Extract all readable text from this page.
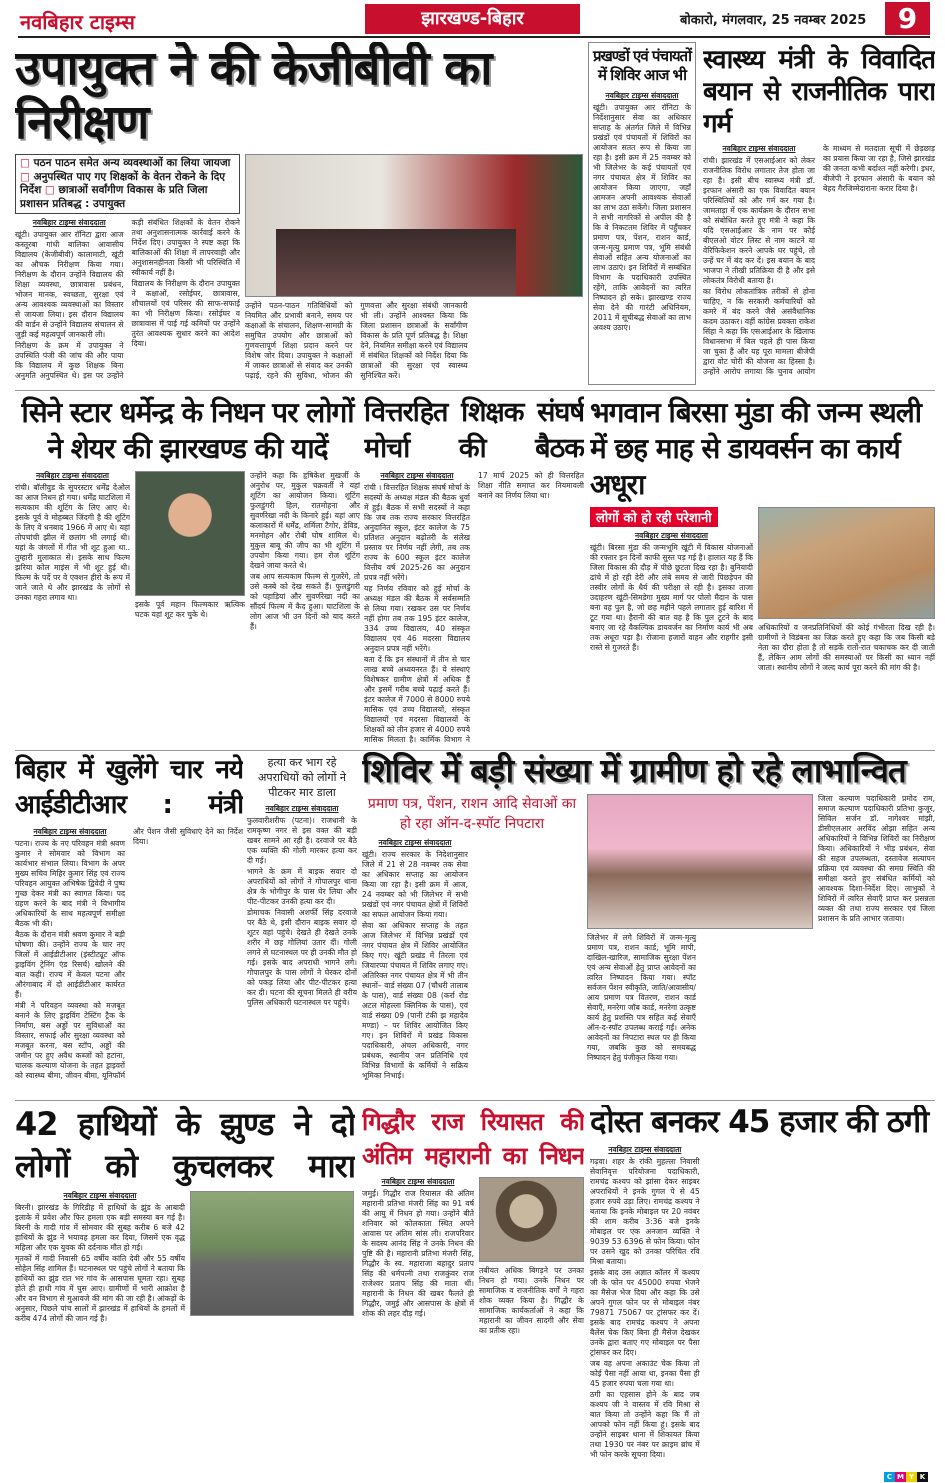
नवबिहार टाइम्स	झारखण्ड-बिहार	बोकारो, मंगलवार, 25 नवम्बर 2025	9
उपायुक्त ने की केजीबीवी का निरीक्षण
□ पठन पाठन समेत अन्य व्यवस्थाओं का लिया जायजा □ अनुपस्थित पाए गए शिक्षकों के वेतन रोकने के दिए निर्देश □ छात्राओं सर्वांगीण विकास के प्रति जिला प्रशासन प्रतिबद्ध : उपायुक्त
नवबिहार टाइम्स संवाददाता

खूंटी। उपायुक्त आर रॉनिटा द्वारा आज कस्तूरबा गांधी बालिका आवासीय विद्यालय (केजीबीवी) कालामाटी, खूंटी का औचक निरीक्षण किया गया। निरीक्षण के दौरान उन्होंने विद्यालय की शिक्षा व्यवस्था, छात्रावास प्रबंधन, भोजन मानक, स्वच्छता, सुरक्षा एवं अन्य आवश्यक व्यवस्थाओं का विस्तार से जायजा लिया। इस दौरान विद्यालय की वार्डन से उन्होंने विद्यालय संचालन से जुड़ी कई महत्वपूर्ण जानकारी ली।

निरीक्षण के क्रम में उपायुक्त ने उपस्थिति पंजी की जांच की और पाया कि विद्यालय में कुछ शिक्षक बिना अनुमति अनुपस्थित थे। इस पर उन्होंने कड़ी संबंधित शिक्षकों के वेतन रोकने तथा अनुशासनात्मक कार्रवाई करने के निर्देश दिए। उपायुक्त ने स्पष्ट कहा कि बालिकाओं की शिक्षा में लापरवाही और अनुशासनहीनता किसी भी परिस्थिति में स्वीकार्य नहीं है।

विद्यालय के निरीक्षण के दौरान उपायुक्त ने कक्षाओं, रसोईघर, छात्रावास, शौचालयों एवं परिसर की साफ-सफाई का भी निरीक्षण किया। रसोईघर व छात्रावास में पाई गई कमियों पर उन्होंने तुरंत आवश्यक सुधार करने का आदेश दिया।

उन्होंने पठन-पाठन गतिविधियों को नियमित और प्रभावी बनाने, समय पर कक्षाओं के संचालन, शिक्षण-सामग्री के समुचित उपयोग और छात्राओं को गुणवत्तापूर्ण शिक्षा प्रदान करने पर विशेष जोर दिया। उपायुक्त ने कक्षाओं में जाकर छात्राओं से संवाद कर उनकी पढ़ाई, रहने की सुविधा, भोजन की गुणवत्ता और सुरक्षा संबंधी जानकारी भी ली। उन्होंने आश्वस्त किया कि जिला प्रशासन छात्राओं के सर्वांगीण विकास के प्रति पूर्ण प्रतिबद्ध है। शिक्षा देने, नियमित समीक्षा करने एवं विद्यालय में संबंधित शिक्षकों को निर्देश दिया कि छात्राओं की सुरक्षा एवं स्वास्थ्य सुनिश्चित करें।

प्रखण्डों एवं पंचायतों में शिविर आज भी
नवबिहार टाइम्स संवाददाता

खूंटी। उपायुक्त आर रॉनिटा के निर्देशानुसार सेवा का अधिकार सप्ताह के अंतर्गत जिले में विभिन्न प्रखंडों एवं पंचायतों में शिविरों का आयोजन सतत रूप से किया जा रहा है। इसी क्रम में 25 नवम्बर को भी जिलेभर के कई पंचायतों एवं नगर पंचायत क्षेत्र में शिविर का आयोजन किया जाएगा, जहाँ आमजन अपनी आवश्यक सेवाओं का लाभ उठा सकेंगे। जिला प्रशासन ने सभी नागरिकों से अपील की है कि वे निकटतम शिविर में पहुँचकर प्रमाण पत्र, पेंशन, राशन कार्ड, जन्म-मृत्यु प्रमाण पत्र, भूमि संबंधी सेवाओं सहित अन्य योजनाओं का लाभ उठाएं। इन शिविरों में सम्बंधित विभाग के पदाधिकारी उपस्थित रहेंगे, ताकि आवेदनों का त्वरित निष्पादन हो सके। झारखण्ड राज्य सेवा देने की गारंटी अधिनियम, 2011 में सूचीबद्ध सेवाओं का लाभ अवश्य उठाएं।

स्वास्थ्य मंत्री के विवादित बयान से राजनीतिक पारा गर्म
नवबिहार टाइम्स संवाददाता

रांची। झारखंड में एसआईआर को लेकर राजनीतिक विरोध लगातार तेज होता जा रहा है। इसी बीच स्वास्थ्य मंत्री डॉ. इरफान अंसारी का एक विवादित बयान परिस्थितियों को और गर्म कर गया है। जामताड़ा में एक कार्यक्रम के दौरान सभा को संबोधित करते हुए मंत्री ने कहा कि यदि एसआईआर के नाम पर कोई बीएलओ वोटर लिस्ट से नाम काटने या वेरिफिकेशन करने आपके घर पहुंचे, तो उन्हें घर में बंद कर दें। इस बयान के बाद भाजपा ने तीखी प्रतिक्रिया दी है और इसे लोकतंत्र विरोधी बताया है।

का विरोध लोकतांत्रिक तरीकों से होना चाहिए, न कि सरकारी कर्मचारियों को कमरे में बंद करने जैसे असंवैधानिक कदम उठाकर। वहीं कांग्रेस प्रवक्ता राकेश सिंहा ने कहा कि एसआईआर के खिलाफ विधानसभा में बिल पहले ही पास किया जा चुका है और यह पूरा मामला बीजेपी द्वारा वोट चोरी की योजना का हिस्सा है। उन्होंने आरोप लगाया कि चुनाव आयोग के माध्यम से मतदाता सूची में छेड़छाड़ का प्रयास किया जा रहा है, जिसे झारखंड की जनता कभी बर्दाश्त नहीं करेगी। इधर, बीजेपी ने इरफान अंसारी के बयान को बेहद गैरजिम्मेदाराना करार दिया है।

सिने स्टार धर्मेन्द्र के निधन पर लोगों ने शेयर की झारखण्ड की यादें
नवबिहार टाइम्स संवाददाता

रांची। बॉलीवुड के सुपरस्टार धर्मेंद्र देओल का आज निधन हो गया। धर्मेंद्र घाटशिला में सत्यकाम की शूटिंग के लिए आए थे। इसके पूर्व वे मोहब्बत जिंदगी है की शूटिंग के लिए वे धनबाद 1966 में आए थे। यहां तोपचांची झील में छलांग भी लगाई थी। यहां के जंगलों में गीत भी शूट हुआ था.. तुम्हारी मुलाकात से। इसके साथ फिल्म झरिया कोल माइंस में भी शूट हुई थी। फिल्म के पर्दे पर वे एक्शन हीरो के रूप में जाने जाते थे और झारखंड के लोगों से उनका गहरा लगाव था।

इसके पूर्व महान फिल्मकार ऋत्विक घटक यहां शूट कर चुके थे।

उन्होंने कहा कि हृषिकेश मुखर्जी के अनुरोध पर, मुकुल चक्रवर्ती ने यहां शूटिंग का आयोजन किया। शूटिंग फुलडुंगरी हिल, रातमोहना और सुवर्णरेखा नदी के किनारे हुई। यहां आए कलाकारों में धर्मेंद्र, शर्मिला टैगोर, डेविड, मनमोहन और रोबी घोष शामिल थे। मुकुल बाबू की जीप का भी शूटिंग में उपयोग किया गया। हम रोज शूटिंग देखने जाया करते थे।

जब आप सत्यकाम फिल्म से गुजरेंगे, तो उसे कस्बे को देख सकते हैं। फुलडुंगरी को पहाड़ियां और सुवर्णरेखा नदी का सौंदर्य फिल्म में कैद हुआ। घाटशिला के लोग आज भी उन दिनों को याद करते हैं।

वित्तरहित शिक्षक संघर्ष मोर्चा की बैठक
नवबिहार टाइम्स संवाददाता

रांची । वित्तरहित शिक्षक संघर्ष मोर्चा के सदस्यों के अध्यक्ष मंडल की बैठक धुर्वा में हुई। बैठक में सभी सदस्यों ने कहा कि जब तक राज्य सरकार वित्तरहित अनुदानित स्कूल, इंटर कालेज के 75 प्रतिशत अनुदान बढ़ोतरी के संलेख प्रस्ताव पर निर्णय नहीं लेगी, तब तक राज्य के 600 स्कूल इंटर कालेज वित्तीय वर्ष 2025-26 का अनुदान प्रपत्र नहीं भरेंगे।

यह निर्णय रविवार को हुई मोर्चा के अध्यक्ष मंडल की बैठक में सर्वसम्मति से लिया गया। रखकर उस पर निर्णय नहीं होगा तब तक 195 इंटर कालेज, 334 उच्च विद्यालय, 40 संस्कृत विद्यालय एवं 46 मदरसा विद्यालय अनुदान प्रपत्र नहीं भरेंगे।

बता दें कि इन संस्थानों में तीन से चार लाख बच्चे अध्ययनरत हैं। ये संस्थाएं विशेषकर ग्रामीण क्षेत्रों में अधिक हैं और इसमें गरीब बच्चे पढ़ाई करते हैं। इंटर कालेज में 7000 से 8000 रुपये मासिक एवं उच्च विद्यालयों, संस्कृत विद्यालयों एवं मदरसा विद्यालयों के शिक्षकों को तीन हजार से 4000 रुपये मासिक मिलता है। कार्मिक विभाग ने 17 मार्च 2025 को ही वित्तरहित शिक्षा नीति समाप्त कर नियमावली बनाने का निर्णय लिया था।

भगवान बिरसा मुंडा की जन्म स्थली में छह माह से डायवर्सन का कार्य अधूरा
लोगों को हो रही परेशानी
नवबिहार टाइम्स संवाददाता

खूंटी। बिरसा मुंडा की जन्मभूमि खूंटी में विकास योजनाओं की रफ्तार इन दिनों काफी सुस्त पड़ गई है। हालात यह हैं कि जिला विकास की दौड़ में पीछे छूटता दिख रहा है। बुनियादी ढांचे में हो रही देरी और लंबे समय से जारी पिछड़ेपन की तस्वीर लोगों के धैर्य की परीक्षा ले रही है। इसका ताजा उदाहरण खूंटी-सिमडेगा मुख्य मार्ग पर पोलो मैदान के पास बना वह पुल है, जो छह महीने पहले लगातार हुई बारिश में टूट गया था। हैरानी की बात यह है कि पुल टूटने के बाद बनाए जा रहे वैकल्पिक डायवर्जन का निर्माण कार्य भी अब तक अधूरा पड़ा है। रोजाना हजारों वाहन और राहगीर इसी रास्ते से गुजरते हैं।

अधिकारियों व जनप्रतिनिधियों की कोई गंभीरता दिख रही है। ग्रामीणों ने विडंबना का जिक्र करते हुए कहा कि जब किसी बड़े नेता का दौरा होता है तो सड़कें रातों-रात चकाचक कर दी जाती हैं, लेकिन आम लोगों की समस्याओं पर किसी का ध्यान नहीं जाता। स्थानीय लोगों ने जल्द कार्य पूरा करने की मांग की है।

बिहार में खुलेंगे चार नये आईडीटीआर : मंत्री
नवबिहार टाइम्स संवाददाता

पटना। राज्य के नए परिवहन मंत्री श्रवण कुमार ने सोमवार को विभाग का कार्यभार संभाल लिया। विभाग के अपर मुख्य सचिव मिहिर कुमार सिंह एवं राज्य परिवहन आयुक्त अभिषेक द्विवेदी ने पुष्प गुच्छ देकर मंत्री का स्वागत किया। पद ग्रहण करने के बाद मंत्री ने विभागीय अधिकारियों के साथ महत्वपूर्ण समीक्षा बैठक भी की।

बैठक के दौरान मंत्री श्रवण कुमार ने बड़ी घोषणा की। उन्होंने राज्य के चार नए जिलों में आईडीटीआर (इंस्टीट्यूट ऑफ ड्राइविंग ट्रेनिंग एंड रिसर्च) खोलने की बात कही। राज्य में केवल पटना और औरंगाबाद में दो आईडीटीआर कार्यरत हैं।

मंत्री ने परिवहन व्यवस्था को मजबूत बनाने के लिए ड्राइविंग टेस्टिंग ट्रैक के निर्माण, बस अड्डों पर सुविधाओं का विस्तार, सफाई और सुरक्षा व्यवस्था को मजबूत करना, बस स्टॉप, अड्डों की जमीन पर हुए अवैध कब्जों को हटाना, चालक कल्याण योजना के तहत ड्राइवरों को स्वास्थ्य बीमा, जीवन बीमा, यूनिफॉर्म और पेंशन जैसी सुविधाएं देने का निर्देश दिया।

हत्या कर भाग रहे अपराधियों को लोगों ने पीटकर मार डाला
नवबिहार टाइम्स संवाददाता

फुलवारीशरीफ (पटना)। राजधानी के रामकृष्ण नगर से इस वक्त की बड़ी खबर सामने आ रही है। दरवाजे पर बैठे एक व्यक्ति की गोली मारकर हत्या कर दी गई।

भागने के क्रम में बाइक सवार दो अपराधियों को लोगों ने गोपालपुर थाना क्षेत्र के भोगीपुर के पास घेर लिया और पीट-पीटकर उनकी हत्या कर दी।

डोमाचक निवासी अशर्फी सिंह दरवाजे पर बैठे थे, इसी दौरान बाइक सवार दो शूटर वहां पहुंचे। देखते ही देखते उनके शरीर में छह गोलियां उतार दीं। गोली लगने से घटनास्थल पर ही उनकी मौत हो गई। इसके बाद अपराधी भागने लगे। गोपालपुर के पास लोगों ने घेरकर दोनों को पकड़ लिया और पीट-पीटकर हत्या कर दी। घटना की सूचना मिलते ही वरीय पुलिस अधिकारी घटनास्थल पर पहुंचे।

शिविर में बड़ी संख्या में ग्रामीण हो रहे लाभान्वित
प्रमाण पत्र, पेंशन, राशन आदि सेवाओं का हो रहा ऑन-द-स्पॉट निपटारा
नवबिहार टाइम्स संवाददाता

खूंटी। राज्य सरकार के निदेशानुसार जिले में 21 से 28 नवम्बर तक सेवा का अधिकार सप्ताह का आयोजन किया जा रहा है। इसी क्रम में आज, 24 नवम्बर को भी जिलेभर में सभी प्रखंडों एवं नगर पंचायत क्षेत्रों में शिविरों का सफल आयोजन किया गया।

सेवा का अधिकार सप्ताह के तहत आज जिलेभर में विभिन्न प्रखंडों एवं नगर पंचायत क्षेत्र में शिविर आयोजित किए गए। खूंटी प्रखंड में तिरला एवं जियारप्पा पंचायत में शिविर लगाए गए। अतिरिक्त नगर पंचायत क्षेत्र में भी तीन स्थानों– वार्ड संख्या 07 (चौधरी तालाब के पास), वार्ड संख्या 08 (कर्रा रोड अटल मोहल्ला क्लिनिक के पास), एवं वार्ड संख्या 09 (पानी टंकी झ महादेव मण्डा) – पर शिविर आयोजित किए गए। इन शिविरों में प्रखंड विकास पदाधिकारी, अंचल अधिकारी, नगर प्रबंधक, स्थानीय जन प्रतिनिधि एवं विभिन्न विभागों के कर्मियों ने सक्रिय भूमिका निभाई।

जिलेभर में लगे शिविरों में जन्म-मृत्यु प्रमाण पत्र, राशन कार्ड, भूमि मापी, दाखिल-खारिज, सामाजिक सुरक्षा पेंशन एवं अन्य सेवाओं हेतु प्राप्त आवेदनों का त्वरित निष्पादन किया गया। स्पॉट सर्वजन पेंशन स्वीकृति, जाति/आवासीय/आय प्रमाण पत्र वितरण, राशन कार्ड सेवाएँ, मनरेगा जॉब कार्ड, मनरेगा उत्कृष्ट कार्य हेतु प्रशस्ति पत्र सहित कई सेवाएँ ऑन-द-स्पॉट उपलब्ध कराई गईं। अनेक आवेदनों का निपटारा स्थल पर ही किया गया, जबकि कुछ को समयबद्ध निष्पादन हेतु पंजीकृत किया गया।

जिला कल्याण पदाधिकारी प्रमोद राम, समाज कल्याण पदाधिकारी प्रतिभा कुजूर, सिविल सर्जन डॉ. नागेश्वर मांझी, डीसीएलआर अरविंद ओझा सहित अन्य अधिकारियों ने विभिन्न शिविरों का निरीक्षण किया। अधिकारियों ने भीड़ प्रबंधन, सेवा की सहज उपलब्धता, दस्तावेज सत्यापन प्रक्रिया एवं व्यवस्था की समग्र स्थिति की समीक्षा करते हुए संबंधित कर्मियों को आवश्यक दिशा-निर्देश दिए। लाभुकों ने शिविरों में त्वरित सेवाएँ प्राप्त कर प्रसन्नता व्यक्त की तथा राज्य सरकार एवं जिला प्रशासन के प्रति आभार जताया।

42 हाथियों के झुण्ड ने दो लोगों को कुचलकर मारा
नवबिहार टाइम्स संवाददाता

बिरनी। झारखंड के गिरिडीह में हाथियों के झुंड के आबादी इलाके में प्रवेश और फिर हमला एक बड़ी समस्या बन गई है। बिरनी के गादी गांव में सोमवार की सुबह करीब 6 बजे 42 हाथियों के झुंड ने भयावह हमला कर दिया, जिसमें एक वृद्ध महिला और एक युवक की दर्दनाक मौत हो गई।

मृतकों में गादी निवासी 65 वर्षीय कांति देवी और 55 वर्षीय सोहेल सिंह शामिल हैं। घटनास्थल पर पहुंचे लोगों ने बताया कि हाथियों का झुंड रात भर गांव के आसपास घूमता रहा। सुबह होते ही हाथी गांव में घुस आए। ग्रामीणों में भारी आक्रोश है और वन विभाग से मुआवजे की मांग की जा रही है। आंकड़ों के अनुसार, पिछले पांच सालों में झारखंड में हाथियों के हमलों में करीब 474 लोगों की जान गई है।

गिद्धौर राज रियासत की अंतिम महारानी का निधन
नवबिहार टाइम्स संवाददाता

जमुई। गिद्धौर राज रियासत की अंतिम महारानी प्रतिभा मंजरी सिंह का 91 वर्ष की आयु में निधन हो गया। उन्होंने बीते शनिवार को कोलकाता स्थित अपने आवास पर अंतिम सांस ली। राजपरिवार के सदस्य आनंद सिंह ने उनके निधन की पुष्टि की है। महारानी प्रतिभा मंजरी सिंह, गिद्धौर के स्व. महाराजा बहादुर प्रताप सिंह की धर्मपत्नी तथा राजकुंवर राज राजेश्वर प्रताप सिंह की माता थीं। महारानी के निधन की खबर फैलते ही गिद्धौर, जमुई और आसपास के क्षेत्रों में शोक की लहर दौड़ गई।

तबीयत अधिक बिगड़ने पर उनका निधन हो गया। उनके निधन पर सामाजिक व राजनीतिक वर्गों ने गहरा शोक व्यक्त किया है। गिद्धौर के सामाजिक कार्यकर्ताओं ने कहा कि महारानी का जीवन सादगी और सेवा का प्रतीक रहा।

दोस्त बनकर 45 हजार की ठगी
नवबिहार टाइम्स संवाददाता

गढ़वा। शहर के रांकी मुहल्ला निवासी सेवानिवृत्त परियोजना पदाधिकारी, रामचंद्र कश्यप को झांसा देकर साइबर अपराधियों ने इनके गुगल पे से 45 हजार रुपये उड़ा लिए। रामचंद्र कश्यप ने बताया कि इनके मोबाइल पर 20 नवंबर की शाम करीब 3:36 बजे इनके मोबाइल पर एक अनजान व्यक्ति ने 9039 53 6396 से फोन किया। फोन पर उसने खुद को उनका परिचित रवि मिश्रा बताया।

इसके बाद उस अज्ञात कॉलर में कश्यप जी के फोन पर 45000 रुपया भेजने का मैसेज भेज दिया और कहा कि उसे अपने गुगल फोन पर से मोबाइल नंबर 79871 75067 पर ट्रांसफर कर दें। इसके बाद रामचंद्र कश्यप ने अपना बैलेंस चेक किए बिना ही मैसेज देखकर उनके द्वारा बताए गए मोबाइल पर पैसा ट्रांसफर कर दिए।

जब वह अपना अकाउंट चेक किया तो कोई पैसा नहीं आया था, इनका पैसा ही 45 हजार रुपया चला गया था।

ठगी का एहसास होने के बाद जब कश्यप जी ने वास्तव में रवि मिश्रा से बात किया तो उन्होंने कहा कि मैं तो आपको फोन नहीं किया हूं। इसके बाद उन्होंने साइबर थाना में शिकायत किया तथा 1930 पर नंबर पर क्राइम ब्रांच में भी फोन करके सूचना दिया।

C M Y K
